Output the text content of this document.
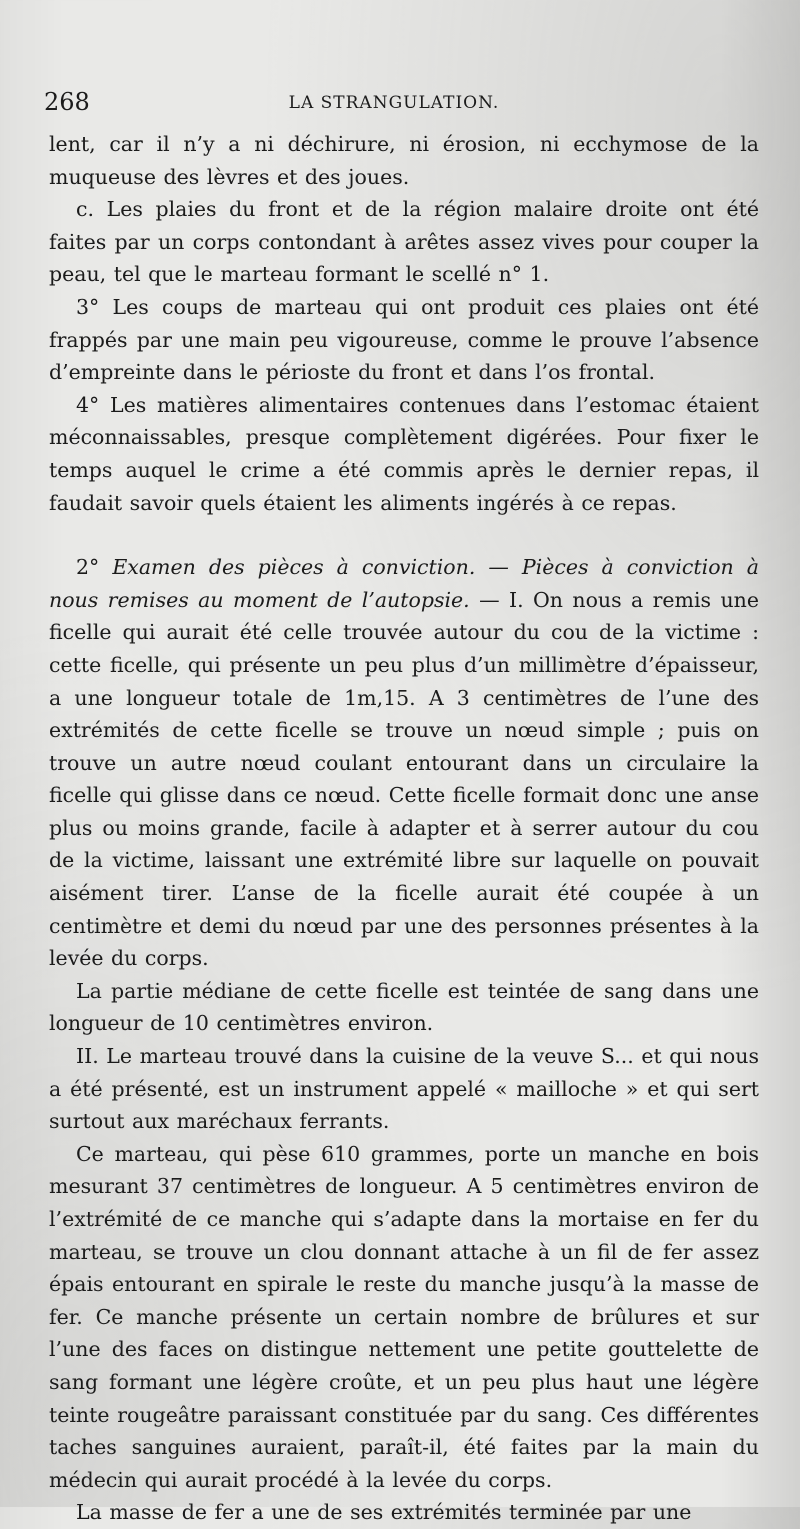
268	LA STRANGULATION.

lent, car il n’y a ni déchirure, ni érosion, ni ecchymose de la muqueuse des lèvres et des joues.

c. Les plaies du front et de la région malaire droite ont été faites par un corps contondant à arêtes assez vives pour couper la peau, tel que le marteau formant le scellé n° 1.

3° Les coups de marteau qui ont produit ces plaies ont été frappés par une main peu vigoureuse, comme le prouve l’absence d’empreinte dans le périoste du front et dans l’os frontal.

4° Les matières alimentaires contenues dans l’estomac étaient méconnaissables, presque complètement digérées. Pour fixer le temps auquel le crime a été commis après le dernier repas, il faudait savoir quels étaient les aliments ingérés à ce repas.

2° Examen des pièces à conviction. — Pièces à conviction à nous remises au moment de l’autopsie. — I. On nous a remis une ficelle qui aurait été celle trouvée autour du cou de la victime : cette ficelle, qui présente un peu plus d’un millimètre d’épaisseur, a une longueur totale de 1m,15. A 3 centimètres de l’une des extrémités de cette ficelle se trouve un nœud simple ; puis on trouve un autre nœud coulant entourant dans un circulaire la ficelle qui glisse dans ce nœud. Cette ficelle formait donc une anse plus ou moins grande, facile à adapter et à serrer autour du cou de la victime, laissant une extrémité libre sur laquelle on pouvait aisément tirer. L’anse de la ficelle aurait été coupée à un centimètre et demi du nœud par une des personnes présentes à la levée du corps.

La partie médiane de cette ficelle est teintée de sang dans une longueur de 10 centimètres environ.

II. Le marteau trouvé dans la cuisine de la veuve S... et qui nous a été présenté, est un instrument appelé « mailloche » et qui sert surtout aux maréchaux ferrants.

Ce marteau, qui pèse 610 grammes, porte un manche en bois mesurant 37 centimètres de longueur. A 5 centimètres environ de l’extrémité de ce manche qui s’adapte dans la mortaise en fer du marteau, se trouve un clou donnant attache à un fil de fer assez épais entourant en spirale le reste du manche jusqu’à la masse de fer. Ce manche présente un certain nombre de brûlures et sur l’une des faces on distingue nettement une petite gouttelette de sang formant une légère croûte, et un peu plus haut une légère teinte rougeâtre paraissant constituée par du sang. Ces différentes taches sanguines auraient, paraît-il, été faites par la main du médecin qui aurait procédé à la levée du corps.

La masse de fer a une de ses extrémités terminée par une
